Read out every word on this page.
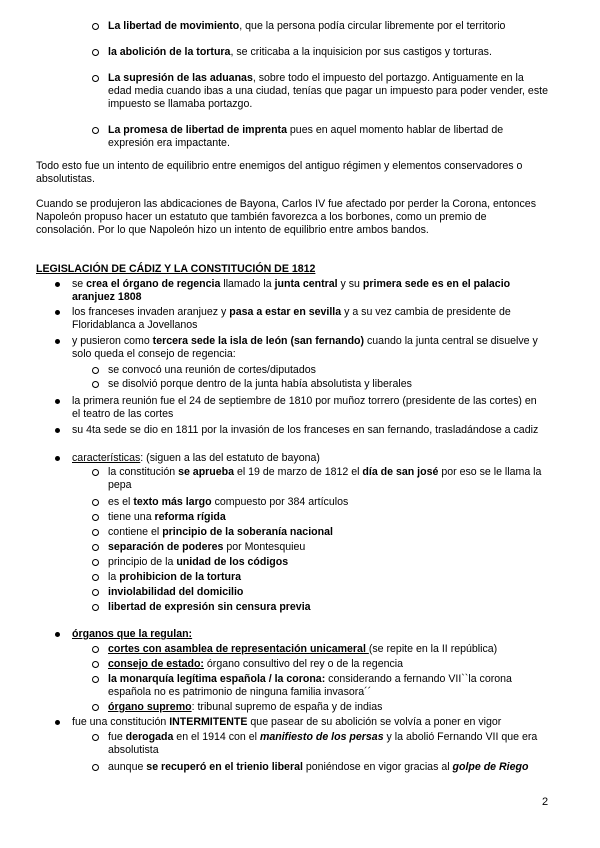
La libertad de movimiento, que la persona podía circular libremente por el territorio
la abolición de la tortura, se criticaba a la inquisicion por sus castigos y torturas.
La supresión de las aduanas, sobre todo el impuesto del portazgo. Antiguamente en la edad media cuando ibas a una ciudad, tenías que pagar un impuesto para poder vender, este impuesto se llamaba portazgo.
La promesa de libertad de imprenta pues en aquel momento hablar de libertad de expresión era impactante.
Todo esto fue un intento de equilibrio entre enemigos del antiguo régimen y elementos conservadores o absolutistas.
Cuando se produjeron las abdicaciones de Bayona, Carlos IV fue afectado por perder la Corona, entonces Napoleón propuso hacer un estatuto que también favorezca a los borbones, como un premio de consolación. Por lo que Napoleón hizo un intento de equilibrio entre ambos bandos.
LEGISLACIÓN DE CÁDIZ Y LA CONSTITUCIÓN DE 1812
se crea el órgano de regencia llamado la junta central y su primera sede es en el palacio aranjuez 1808
los franceses invaden aranjuez y pasa a estar en sevilla y a su vez cambia de presidente de Floridablanca a Jovellanos
y pusieron como tercera sede la isla de león (san fernando) cuando la junta central se disuelve y solo queda el consejo de regencia:
se convocó una reunión de cortes/diputados
se disolvió porque dentro de la junta había absolutista y liberales
la primera reunión fue el 24 de septiembre de 1810 por muñoz torrero (presidente de las cortes) en el teatro de las cortes
su 4ta sede se dio en 1811 por la invasión de los franceses en san fernando, trasladándose a cadiz
características: (siguen a las del estatuto de bayona)
la constitución se aprueba el 19 de marzo de 1812 el día de san josé por eso se le llama la pepa
es el texto más largo compuesto por 384 artículos
tiene una reforma rígida
contiene el principio de la soberanía nacional
separación de poderes por Montesquieu
principio de la unidad de los códigos
la prohibicion de la tortura
inviolabilidad del domicilio
libertad de expresión sin censura previa
órganos que la regulan:
cortes con asamblea de representación unicameral (se repite en la II república)
consejo de estado: órgano consultivo del rey o de la regencia
la monarquía legítima española / la corona: considerando a fernando VII``la corona española no es patrimonio de ninguna familia invasora´´
órgano supremo: tribunal supremo de españa y de indias
fue una constitución INTERMITENTE que pasear de su abolición se volvía a poner en vigor
fue derogada en el 1914 con el manifiesto de los persas y la abolió Fernando VII que era absolutista
aunque se recuperó en el trienio liberal poniéndose en vigor gracias al golpe de Riego
2
